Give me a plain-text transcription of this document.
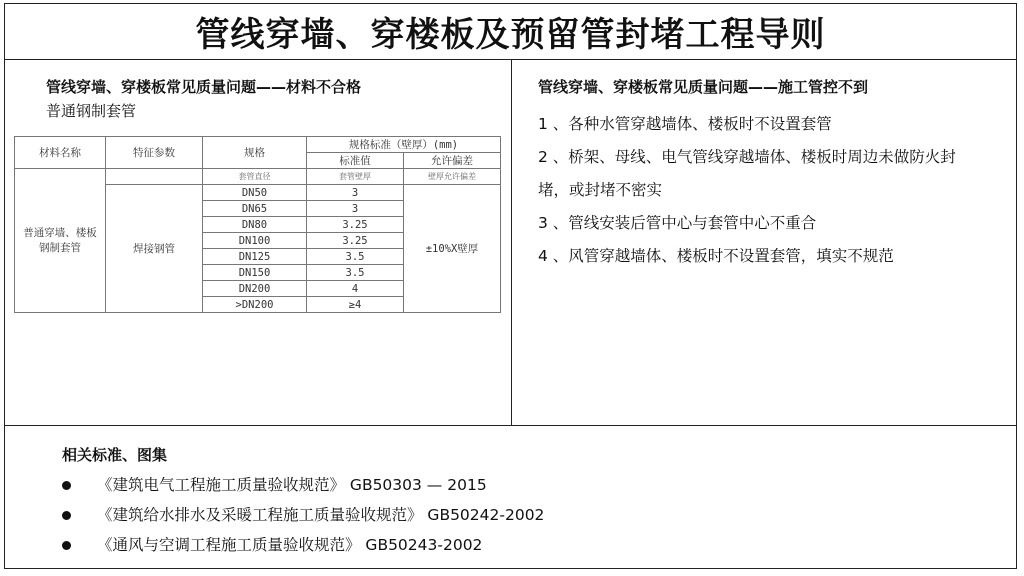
管线穿墙、穿楼板及预留管封堵工程导则
管线穿墙、穿楼板常见质量问题——材料不合格
普通钢制套管
材料名称	特征参数	规格	规格标准（壁厚）(mm)	
			标准值	允许偏差
普通穿墙、楼板钢制套管		套管直径	套管壁厚	壁厚允许偏差
	焊接钢管	DN50	3	±10%X壁厚
		DN65	3	
		DN80	3.25	
		DN100	3.25	
		DN125	3.5	
		DN150	3.5	
		DN200	4	
		>DN200	≥4	
管线穿墙、穿楼板常见质量问题——施工管控不到
1 、各种水管穿越墙体、楼板时不设置套管
2 、桥架、母线、电气管线穿越墙体、楼板时周边未做防火封堵，或封堵不密实
3 、管线安装后管中心与套管中心不重合
4 、风管穿越墙体、楼板时不设置套管，填实不规范
相关标准、图集
《建筑电气工程施工质量验收规范》 GB50303 — 2015
《建筑给水排水及采暖工程施工质量验收规范》 GB50242-2002
《通风与空调工程施工质量验收规范》 GB50243-2002
